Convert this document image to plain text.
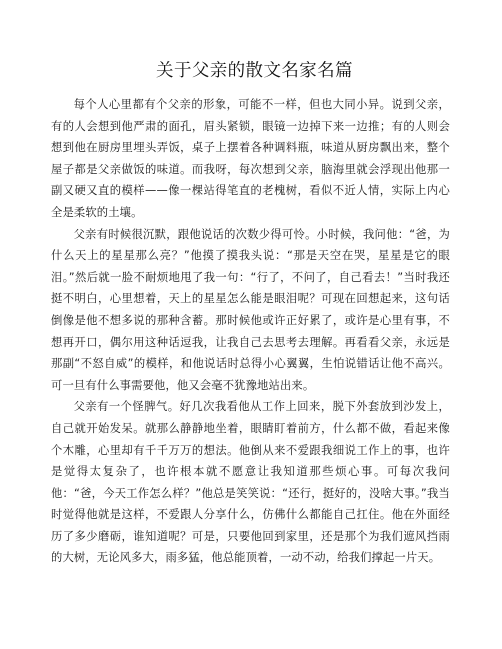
关于父亲的散文名家名篇

每个人心里都有个父亲的形象，可能不一样，但也大同小异。说到父亲，有的人会想到他严肃的面孔，眉头紧锁，眼镜一边掉下来一边推；有的人则会想到他在厨房里埋头弄饭，桌子上摆着各种调料瓶，味道从厨房飘出来，整个屋子都是父亲做饭的味道。而我呀，每次想到父亲，脑海里就会浮现出他那一副又硬又直的模样——像一棵站得笔直的老槐树，看似不近人情，实际上内心全是柔软的土壤。

父亲有时候很沉默，跟他说话的次数少得可怜。小时候，我问他：“爸，为什么天上的星星那么亮？”他摸了摸我头说：“那是天空在哭，星星是它的眼泪。”然后就一脸不耐烦地甩了我一句：“行了，不问了，自己看去！”当时我还挺不明白，心里想着，天上的星星怎么能是眼泪呢？可现在回想起来，这句话倒像是他不想多说的那种含蓄。那时候他或许正好累了，或许是心里有事，不想再开口，偶尔用这种话逗我，让我自己去思考去理解。再看看父亲，永远是那副“不怒自威”的模样，和他说话时总得小心翼翼，生怕说错话让他不高兴。可一旦有什么事需要他，他又会毫不犹豫地站出来。

父亲有一个怪脾气。好几次我看他从工作上回来，脱下外套放到沙发上，自己就开始发呆。就那么静静地坐着，眼睛盯着前方，什么都不做，看起来像个木雕，心里却有千千万万的想法。他倒从来不爱跟我细说工作上的事，也许是觉得太复杂了，也许根本就不愿意让我知道那些烦心事。可每次我问他：“爸，今天工作怎么样？”他总是笑笑说：“还行，挺好的，没啥大事。”我当时觉得他就是这样，不爱跟人分享什么，仿佛什么都能自己扛住。他在外面经历了多少磨砺，谁知道呢？可是，只要他回到家里，还是那个为我们遮风挡雨的大树，无论风多大，雨多猛，他总能顶着，一动不动，给我们撑起一片天。
